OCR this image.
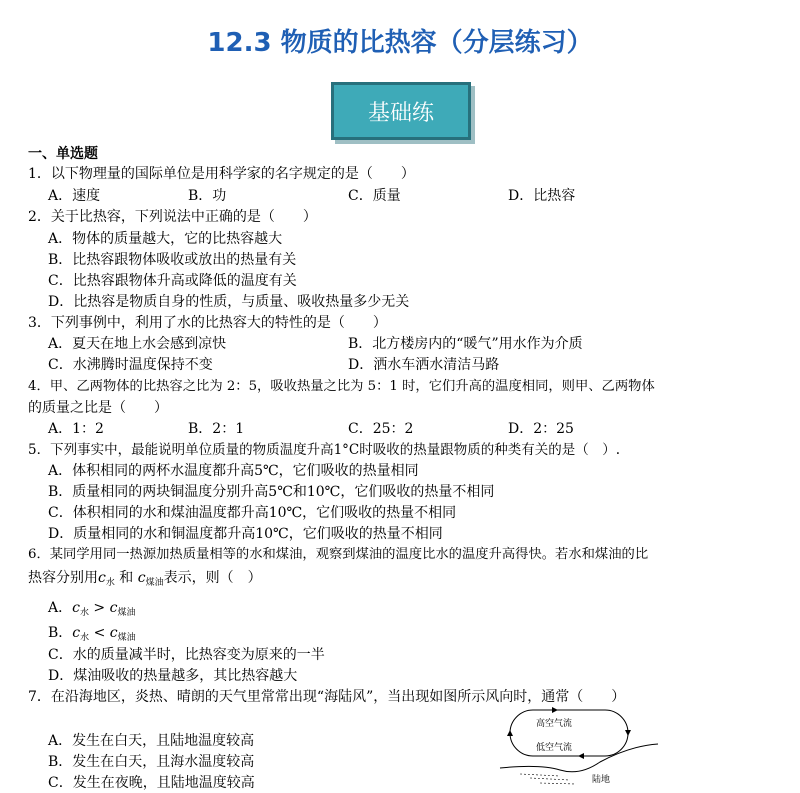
12.3 物质的比热容（分层练习）
基础练
一、单选题
1．以下物理量的国际单位是用科学家的名字规定的是（　　）
A．速度	B．功	C．质量	D．比热容
2．关于比热容，下列说法中正确的是（　　）
A．物体的质量越大，它的比热容越大
B．比热容跟物体吸收或放出的热量有关
C．比热容跟物体升高或降低的温度有关
D．比热容是物质自身的性质，与质量、吸收热量多少无关
3．下列事例中，利用了水的比热容大的特性的是（　　）
A．夏天在地上水会感到凉快	B．北方楼房内的“暖气”用水作为介质
C．水沸腾时温度保持不变	D．洒水车洒水清洁马路
4．甲、乙两物体的比热容之比为 2：5，吸收热量之比为 5：1 时，它们升高的温度相同，则甲、乙两物体
的质量之比是（　　）
A．1：2	B．2：1	C．25：2	D．2：25
5．下列事实中，最能说明单位质量的物质温度升高1°C时吸收的热量跟物质的种类有关的是（　）.
A．体积相同的两杯水温度都升高5℃，它们吸收的热量相同
B．质量相同的两块铜温度分别升高5℃和10℃，它们吸收的热量不相同
C．体积相同的水和煤油温度都升高10℃，它们吸收的热量不相同
D．质量相同的水和铜温度都升高10℃，它们吸收的热量不相同
6．某同学用同一热源加热质量相等的水和煤油，观察到煤油的温度比水的温度升高得快。若水和煤油的比
热容分别用$c_水$ 和 $c_{煤油}$表示，则（　）
A．$c_水 > c_{煤油}$
B．$c_水 < c_{煤油}$
C．水的质量减半时，比热容变为原来的一半
D．煤油吸收的热量越多，其比热容越大
7．在沿海地区，炎热、晴朗的天气里常常出现“海陆风”，当出现如图所示风向时，通常（　　）
A．发生在白天，且陆地温度较高
B．发生在白天，且海水温度较高
C．发生在夜晚，且陆地温度较高
高空气流
低空气流
陆地
